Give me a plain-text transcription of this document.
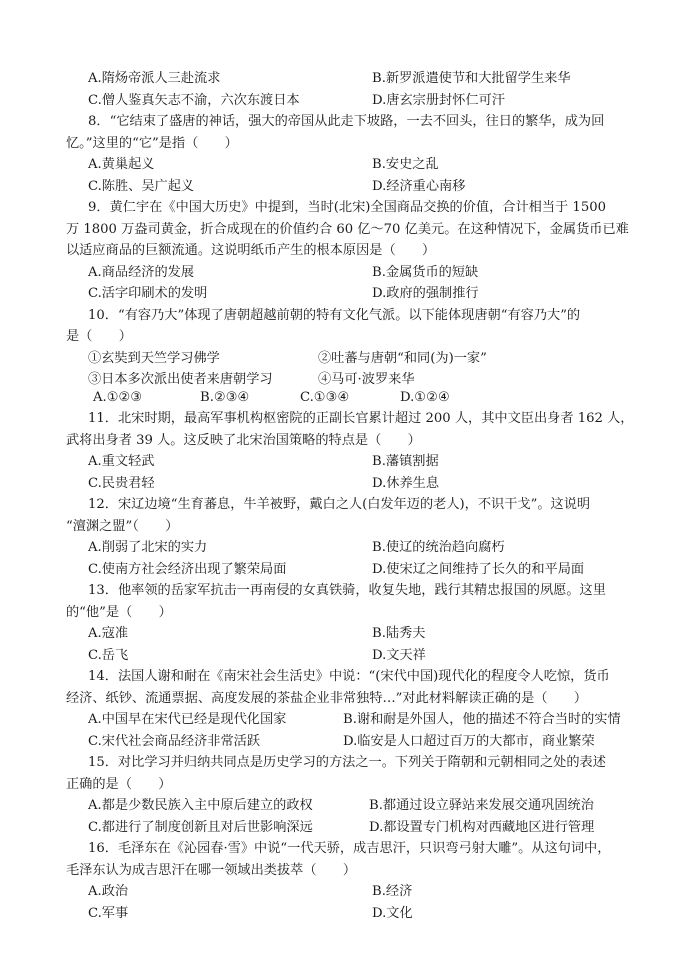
A.隋炀帝派人三赴流求	B.新罗派遣使节和大批留学生来华
C.僧人鉴真矢志不渝，六次东渡日本	D.唐玄宗册封怀仁可汗
8．“它结束了盛唐的神话，强大的帝国从此走下坡路，一去不回头，往日的繁华，成为回
忆。”这里的“它”是指（　　）
A.黄巢起义	B.安史之乱
C.陈胜、吴广起义	D.经济重心南移
9．黄仁宇在《中国大历史》中提到，当时(北宋)全国商品交换的价值，合计相当于 1500
万 1800 万盎司黄金，折合成现在的价值约合 60 亿～70 亿美元。在这种情况下，金属货币已难
以适应商品的巨额流通。这说明纸币产生的根本原因是（　　）
A.商品经济的发展	B.金属货币的短缺
C.活字印刷术的发明	D.政府的强制推行
10．“有容乃大”体现了唐朝超越前朝的特有文化气派。以下能体现唐朝“有容乃大”的
是（　　）
①玄奘到天竺学习佛学	②吐蕃与唐朝“和同(为)一家”
③日本多次派出使者来唐朝学习	④马可·波罗来华
A.①②③	B.②③④	C.①③④	D.①②④
11．北宋时期，最高军事机构枢密院的正副长官累计超过 200 人，其中文臣出身者 162 人，
武将出身者 39 人。这反映了北宋治国策略的特点是（　　）
A.重文轻武	B.藩镇割据
C.民贵君轻	D.休养生息
12．宋辽边境“生育蕃息，牛羊被野，戴白之人(白发年迈的老人)，不识干戈”。这说明
“澶渊之盟”（　　）
A.削弱了北宋的实力	B.使辽的统治趋向腐朽
C.使南方社会经济出现了繁荣局面	D.使宋辽之间维持了长久的和平局面
13．他率领的岳家军抗击一再南侵的女真铁骑，收复失地，践行其精忠报国的夙愿。这里
的“他”是（　　）
A.寇准	B.陆秀夫
C.岳飞	D.文天祥
14．法国人谢和耐在《南宋社会生活史》中说：“(宋代中国)现代化的程度令人吃惊，货币
经济、纸钞、流通票据、高度发展的茶盐企业非常独特…”对此材料解读正确的是（　　）
A.中国早在宋代已经是现代化国家	B.谢和耐是外国人，他的描述不符合当时的实情
C.宋代社会商品经济非常活跃	D.临安是人口超过百万的大都市，商业繁荣
15．对比学习并归纳共同点是历史学习的方法之一。下列关于隋朝和元朝相同之处的表述
正确的是（　　）
A.都是少数民族入主中原后建立的政权	B.都通过设立驿站来发展交通巩固统治
C.都进行了制度创新且对后世影响深远	D.都设置专门机构对西藏地区进行管理
16．毛泽东在《沁园春·雪》中说“一代天骄，成吉思汗，只识弯弓射大雕”。从这句词中，
毛泽东认为成吉思汗在哪一领域出类拔萃（　　）
A.政治	B.经济
C.军事	D.文化
